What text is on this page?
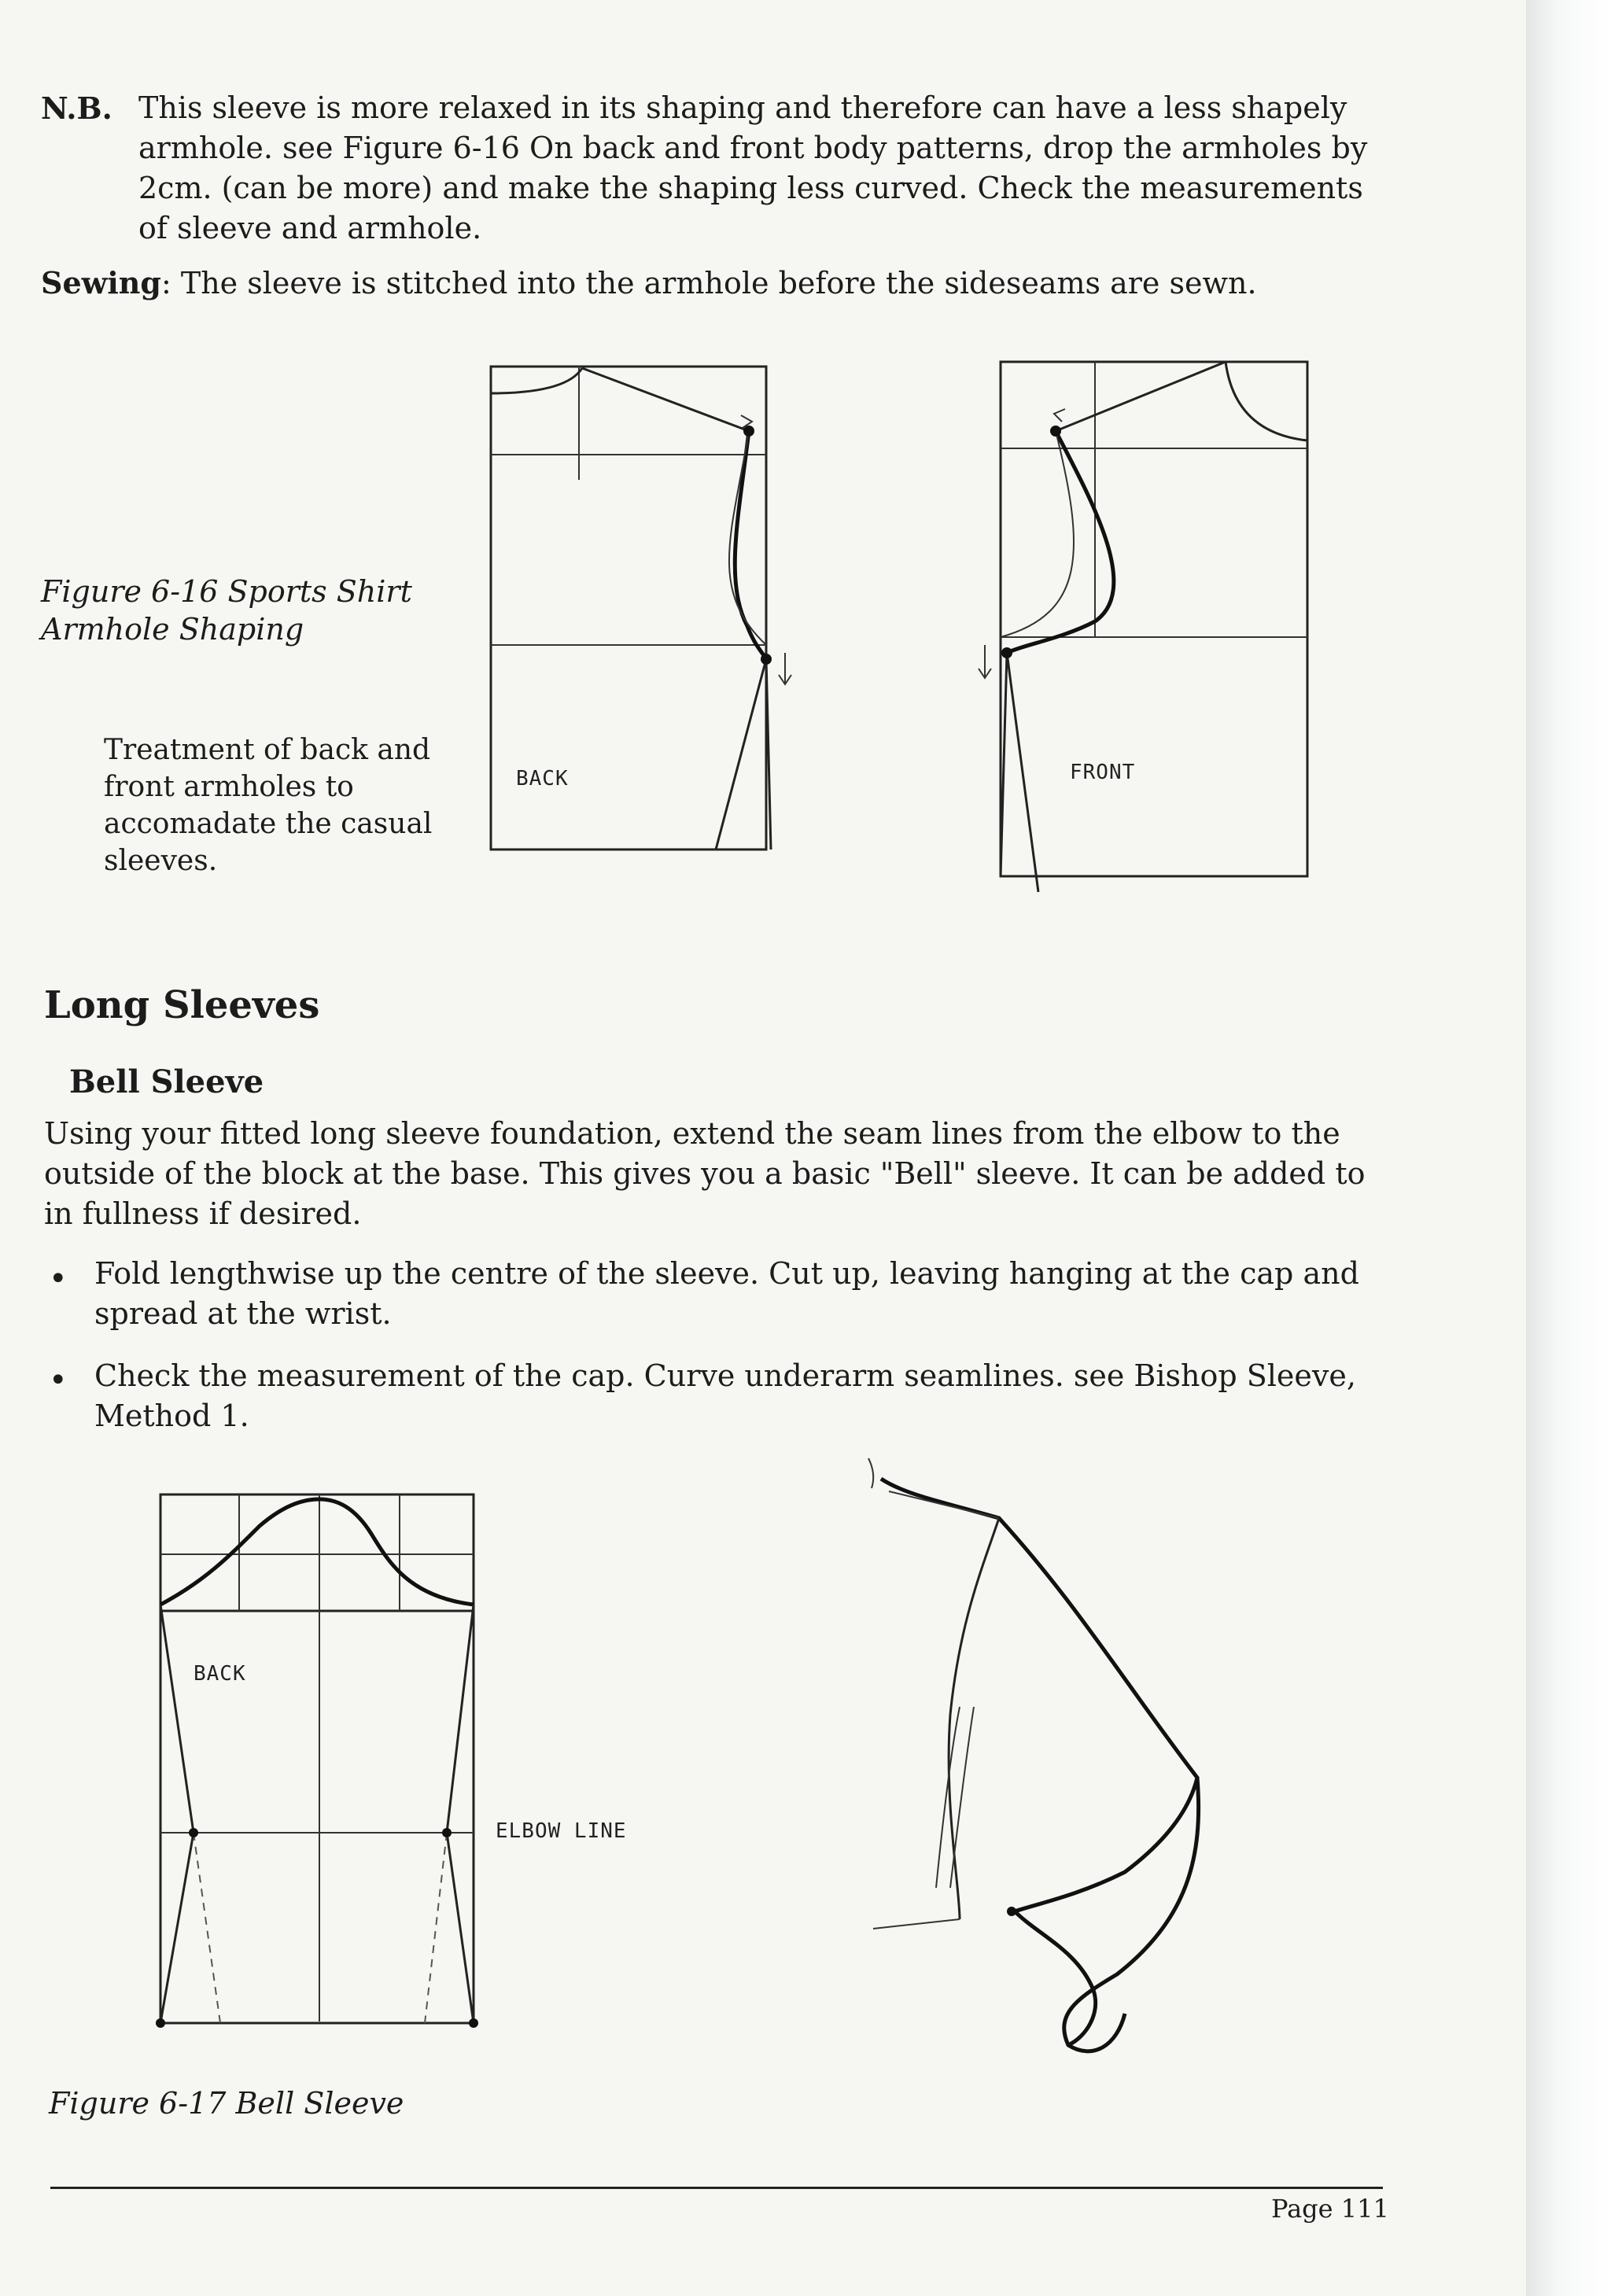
N.B. This sleeve is more relaxed in its shaping and therefore can have a less shapely armhole. see Figure 6-16 On back and front body patterns, drop the armholes by 2cm. (can be more) and make the shaping less curved. Check the measurements of sleeve and armhole.
Sewing: The sleeve is stitched into the armhole before the sideseams are sewn.
Figure 6-16 Sports Shirt Armhole Shaping
Treatment of back and front armholes to accomadate the casual sleeves.
BACK	FRONT
Long Sleeves
Bell Sleeve
Using your fitted long sleeve foundation, extend the seam lines from the elbow to the outside of the block at the base. This gives you a basic "Bell" sleeve. It can be added to in fullness if desired.
• Fold lengthwise up the centre of the sleeve. Cut up, leaving hanging at the cap and spread at the wrist.
• Check the measurement of the cap. Curve underarm seamlines. see Bishop Sleeve, Method 1.
BACK
ELBOW LINE
Figure 6-17 Bell Sleeve
Page 111
